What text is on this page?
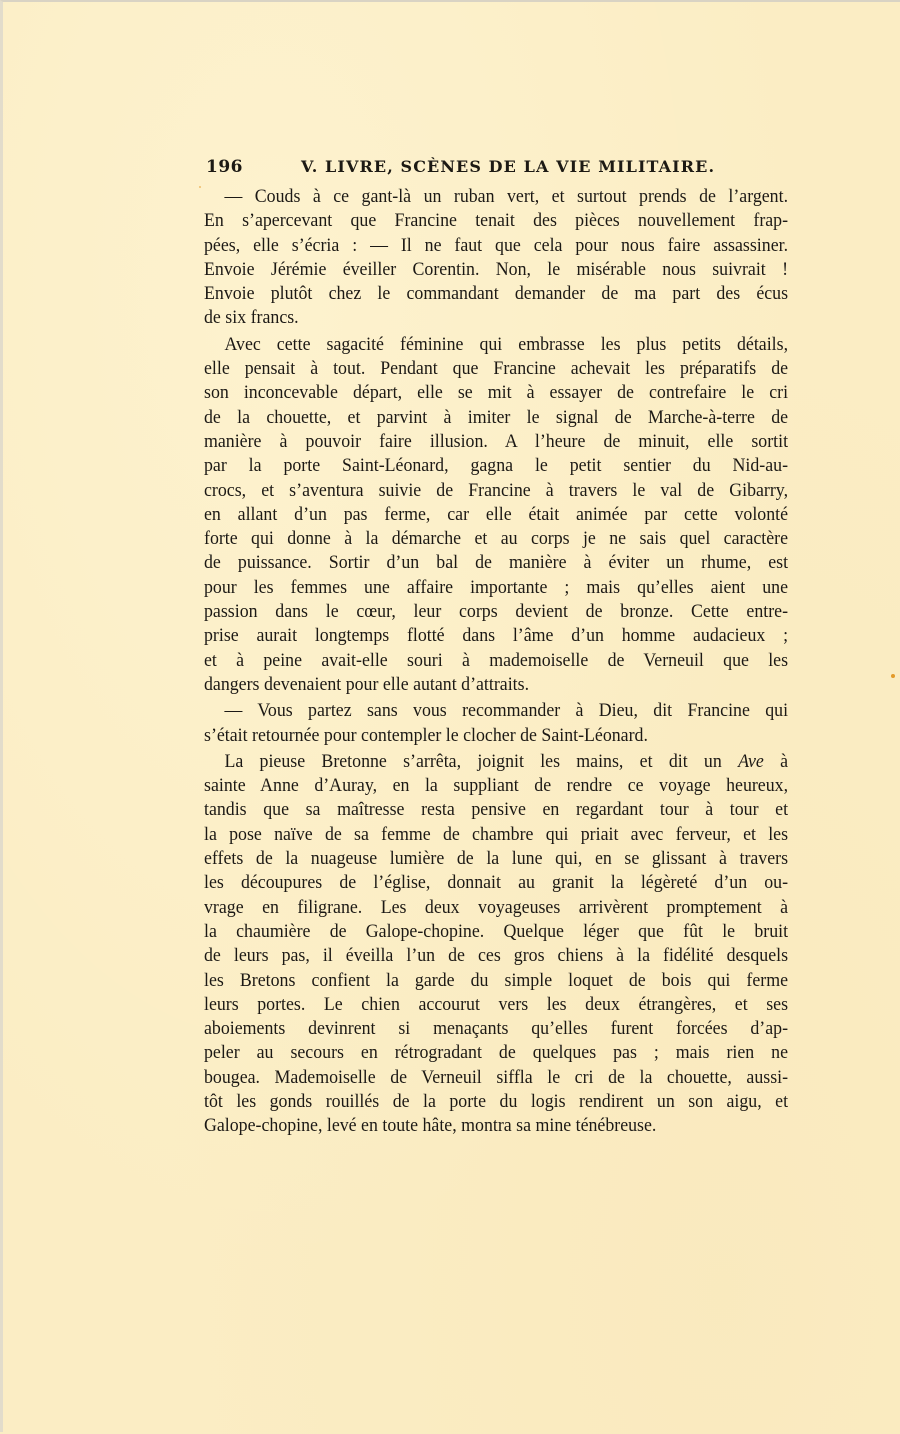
196	V. LIVRE, SCÈNES DE LA VIE MILITAIRE.
— Couds à ce gant-là un ruban vert, et surtout prends de l’argent.
En s’apercevant que Francine tenait des pièces nouvellement frap-
pées, elle s’écria : — Il ne faut que cela pour nous faire assassiner.
Envoie Jérémie éveiller Corentin. Non, le misérable nous suivrait !
Envoie plutôt chez le commandant demander de ma part des écus
de six francs.
Avec cette sagacité féminine qui embrasse les plus petits détails,
elle pensait à tout. Pendant que Francine achevait les préparatifs de
son inconcevable départ, elle se mit à essayer de contrefaire le cri
de la chouette, et parvint à imiter le signal de Marche-à-terre de
manière à pouvoir faire illusion. A l’heure de minuit, elle sortit
par la porte Saint-Léonard, gagna le petit sentier du Nid-au-
crocs, et s’aventura suivie de Francine à travers le val de Gibarry,
en allant d’un pas ferme, car elle était animée par cette volonté
forte qui donne à la démarche et au corps je ne sais quel caractère
de puissance. Sortir d’un bal de manière à éviter un rhume, est
pour les femmes une affaire importante ; mais qu’elles aient une
passion dans le cœur, leur corps devient de bronze. Cette entre-
prise aurait longtemps flotté dans l’âme d’un homme audacieux ;
et à peine avait-elle souri à mademoiselle de Verneuil que les
dangers devenaient pour elle autant d’attraits.
— Vous partez sans vous recommander à Dieu, dit Francine qui
s’était retournée pour contempler le clocher de Saint-Léonard.
La pieuse Bretonne s’arrêta, joignit les mains, et dit un Ave à
sainte Anne d’Auray, en la suppliant de rendre ce voyage heureux,
tandis que sa maîtresse resta pensive en regardant tour à tour et
la pose naïve de sa femme de chambre qui priait avec ferveur, et les
effets de la nuageuse lumière de la lune qui, en se glissant à travers
les découpures de l’église, donnait au granit la légèreté d’un ou-
vrage en filigrane. Les deux voyageuses arrivèrent promptement à
la chaumière de Galope-chopine. Quelque léger que fût le bruit
de leurs pas, il éveilla l’un de ces gros chiens à la fidélité desquels
les Bretons confient la garde du simple loquet de bois qui ferme
leurs portes. Le chien accourut vers les deux étrangères, et ses
aboiements devinrent si menaçants qu’elles furent forcées d’ap-
peler au secours en rétrogradant de quelques pas ; mais rien ne
bougea. Mademoiselle de Verneuil siffla le cri de la chouette, aussi-
tôt les gonds rouillés de la porte du logis rendirent un son aigu, et
Galope-chopine, levé en toute hâte, montra sa mine ténébreuse.
